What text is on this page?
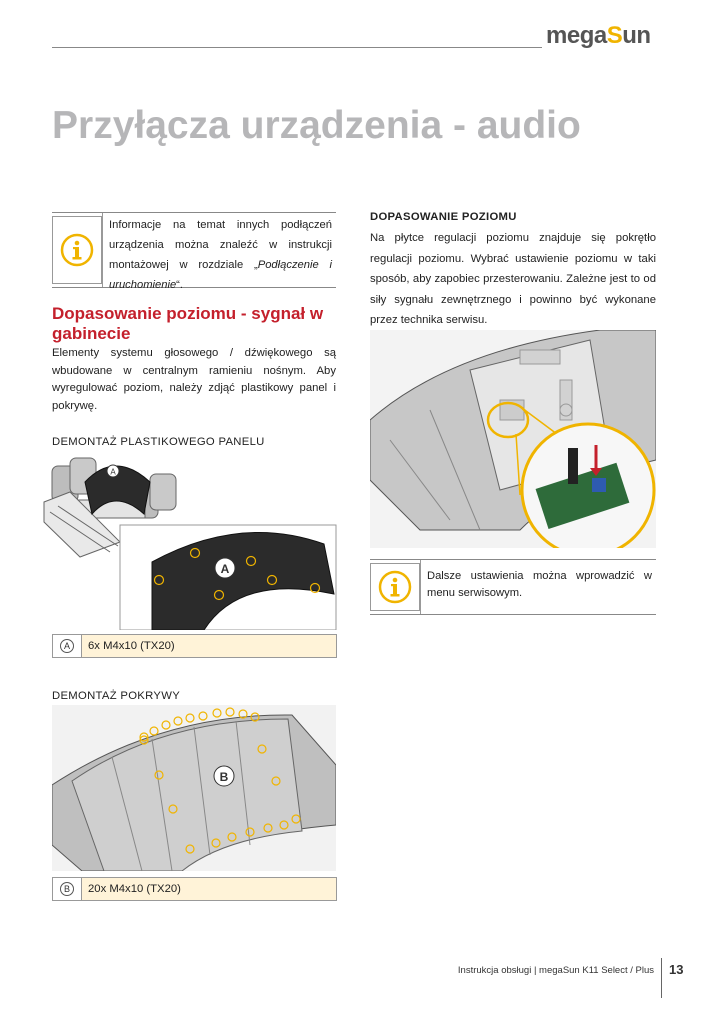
megaSun
Przyłącza urządzenia - audio
Informacje na temat innych podłączeń urządzenia można znaleźć w instrukcji montażowej w rozdziale „Podłączenie i uruchomienie“.
Dopasowanie poziomu - sygnał w gabinecie
Elementy systemu głosowego / dźwiękowego są wbudowane w centralnym ramieniu nośnym. Aby wyregulować poziom, należy zdjąć plastikowy panel i pokrywę.
DEMONTAŻ PLASTIKOWEGO PANELU
A
A
A	6x M4x10 (TX20)
DEMONTAŻ POKRYWY
B
B	20x M4x10 (TX20)
DOPASOWANIE POZIOMU
Na płytce regulacji poziomu znajduje się pokrętło regulacji poziomu. Wybrać ustawienie poziomu w taki sposób, aby zapobiec przesterowaniu. Zależne jest to od siły sygnału zewnętrznego i powinno być wykonane przez technika serwisu.
Dalsze ustawienia można wprowadzić w menu serwisowym.
Instrukcja obsługi | megaSun K11 Select / Plus 13
